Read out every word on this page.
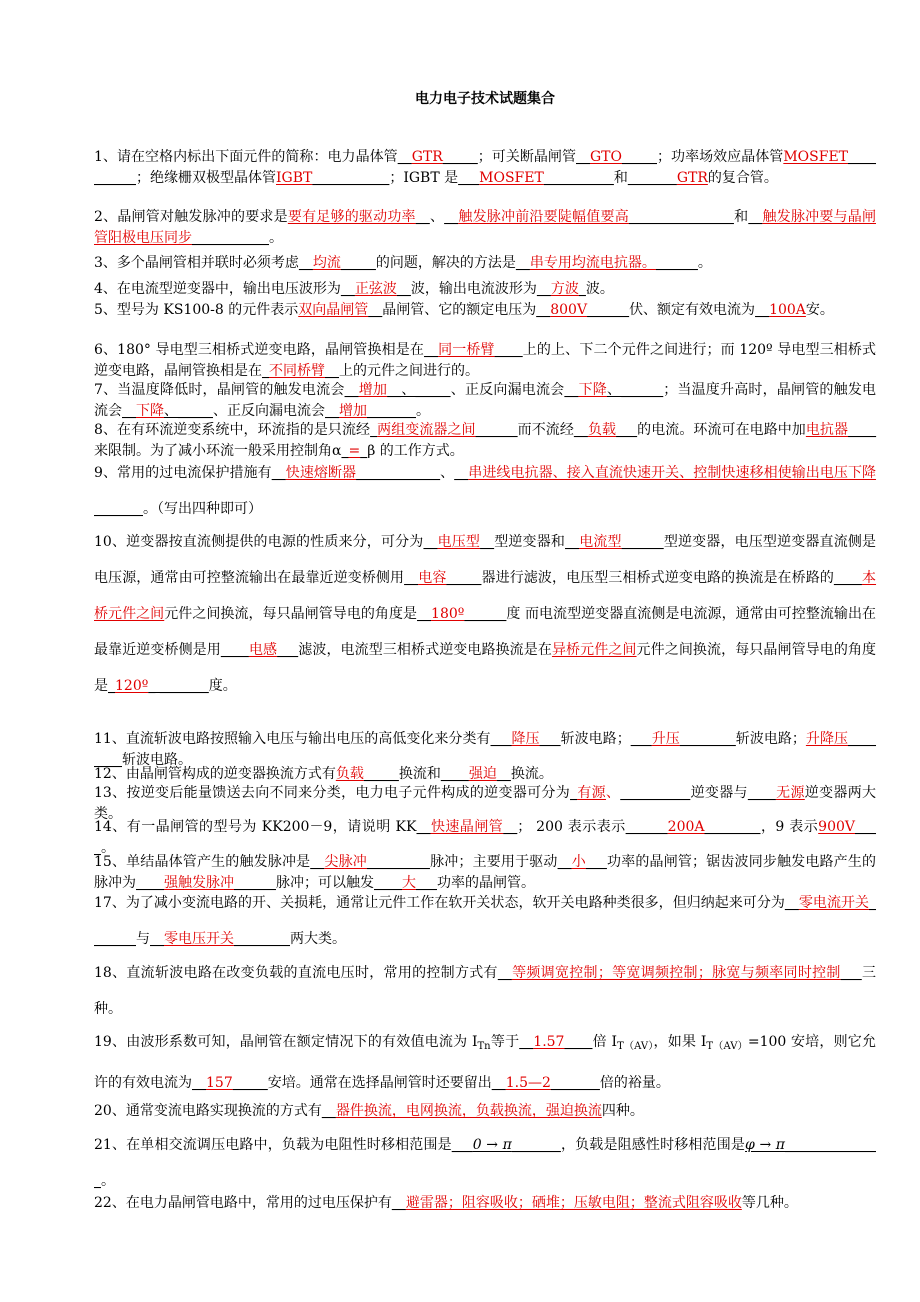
电力电子技术试题集合
1、请在空格内标出下面元件的简称：电力晶体管__GTR_____；可关断晶闸管__GTO_____；功率场效应晶体管MOSFET__________；绝缘栅双极型晶体管IGBT___________；IGBT 是___MOSFET__________和_______GTR的复合管。
2、晶闸管对触发脉冲的要求是要有足够的驱动功率__、__触发脉冲前沿要陡幅值要高_______________和__触发脉冲要与晶闸管阳极电压同步___________。
3、多个晶闸管相并联时必须考虑__均流_____的问题，解决的方法是__串专用均流电抗器。______。
4、在电流型逆变器中，输出电压波形为__正弦波__波，输出电流波形为__方波_波。
5、型号为 KS100-8 的元件表示双向晶闸管__晶闸管、它的额定电压为__800V______伏、额定有效电流为__100A安。
6、180° 导电型三相桥式逆变电路，晶闸管换相是在__同一桥臂____上的上、下二个元件之间进行；而 120º 导电型三相桥式逆变电路，晶闸管换相是在_不同桥臂__上的元件之间进行的。
7、当温度降低时，晶闸管的触发电流会__增加__、_____、正反向漏电流会__下降、______；当温度升高时，晶闸管的触发电流会__下降、_____、正反向漏电流会__增加_______。
8、在有环流逆变系统中，环流指的是只流经_两组变流器之间______而不流经__负载___的电流。环流可在电路中加电抗器____来限制。为了减小环流一般采用控制角α_=_β 的工作方式。
9、常用的过电流保护措施有__快速熔断器____________、__串进线电抗器、接入直流快速开关、控制快速移相使输出电压下降_______。（写出四种即可）
10、逆变器按直流侧提供的电源的性质来分，可分为__电压型__型逆变器和__电流型______型逆变器，电压型逆变器直流侧是电压源，通常由可控整流输出在最靠近逆变桥侧用__电容_____器进行滤波，电压型三相桥式逆变电路的换流是在桥路的____本桥元件之间元件之间换流，每只晶闸管导电的角度是__180º______度 而电流型逆变器直流侧是电流源，通常由可控整流输出在最靠近逆变桥侧是用____电感___滤波，电流型三相桥式逆变电路换流是在异桥元件之间元件之间换流，每只晶闸管导电的角度是_120º_ _______度。
11、直流斩波电路按照输入电压与输出电压的高低变化来分类有___降压___斩波电路；___升压________斩波电路；升降压________斩波电路。
12、由晶闸管构成的逆变器换流方式有负载_____换流和____强迫__换流。
13、按逆变后能量馈送去向不同来分类，电力电子元件构成的逆变器可分为_有源、__________逆变器与____无源逆变器两大类。
14、有一晶闸管的型号为 KK200－9，请说明 KK__快速晶闸管__； 200 表示表示______200A________，9 表示900V____。
15、单结晶体管产生的触发脉冲是__尖脉冲_________脉冲；主要用于驱动__小___功率的晶闸管；锯齿波同步触发电路产生的脉冲为____强触发脉冲______脉冲；可以触发____大___功率的晶闸管。
17、为了减小变流电路的开、关损耗，通常让元件工作在软开关状态，软开关电路种类很多，但归纳起来可分为__零电流开关_______与__零电压开关________两大类。
18、直流斩波电路在改变负载的直流电压时，常用的控制方式有__等频调宽控制；等宽调频控制；脉宽与频率同时控制___三种。
19、由波形系数可知，晶闸管在额定情况下的有效值电流为 $I_{Tn}$等于__1.57____倍 $I_{T(AV)}$，如果 $I_{T(AV)}=100$ 安培，则它允许的有效电流为__157_____安培。通常在选择晶闸管时还要留出__1.5—2_______倍的裕量。
20、通常变流电路实现换流的方式有__器件换流，电网换流，负载换流，强迫换流四种。
21、在单相交流调压电路中，负载为电阻性时移相范围是___0 → π_______，负载是阻感性时移相范围是φ → π______________。
22、在电力晶闸管电路中，常用的过电压保护有__避雷器；阻容吸收；硒堆；压敏电阻；整流式阻容吸收等几种。
